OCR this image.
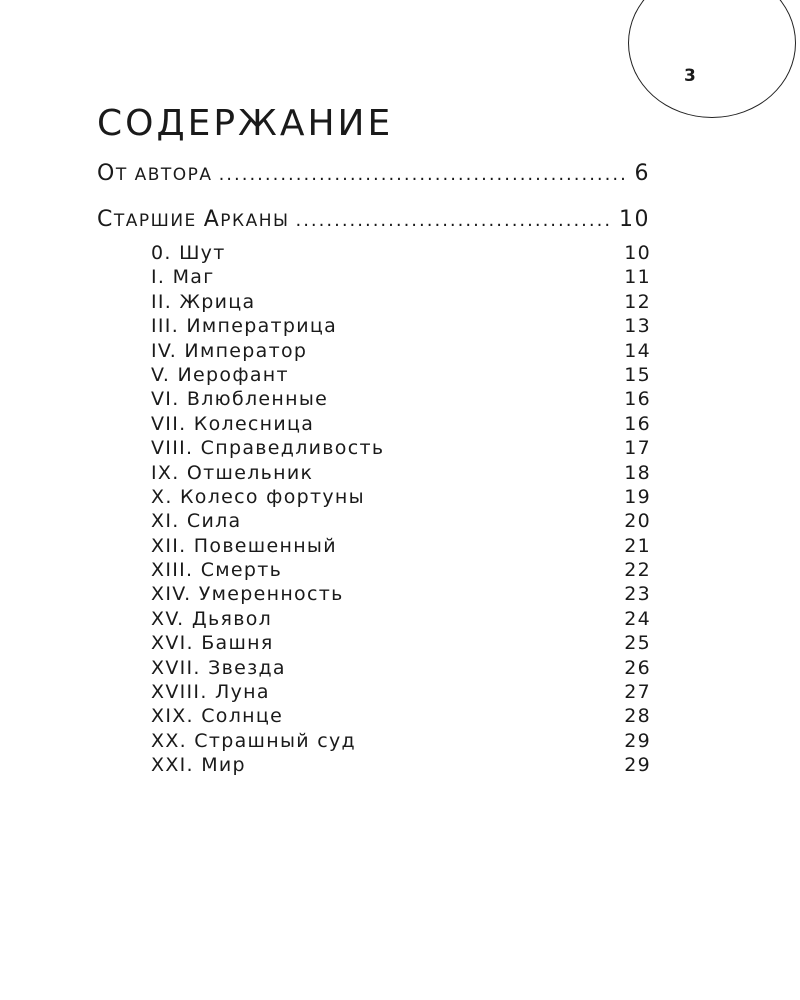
3
СОДЕРЖАНИЕ
ОТ АВТОРА .....	6
СТАРШИЕ АРКАНЫ .....	10
0. Шут	10
I. Маг	11
II. Жрица	12
III. Императрица	13
IV. Император	14
V. Иерофант	15
VI. Влюбленные	16
VII. Колесница	16
VIII. Справедливость	17
IX. Отшельник	18
X. Колесо фортуны	19
XI. Сила	20
XII. Повешенный	21
XIII. Смерть	22
XIV. Умеренность	23
XV. Дьявол	24
XVI. Башня	25
XVII. Звезда	26
XVIII. Луна	27
XIX. Солнце	28
XX. Страшный суд	29
XXI. Мир	29
